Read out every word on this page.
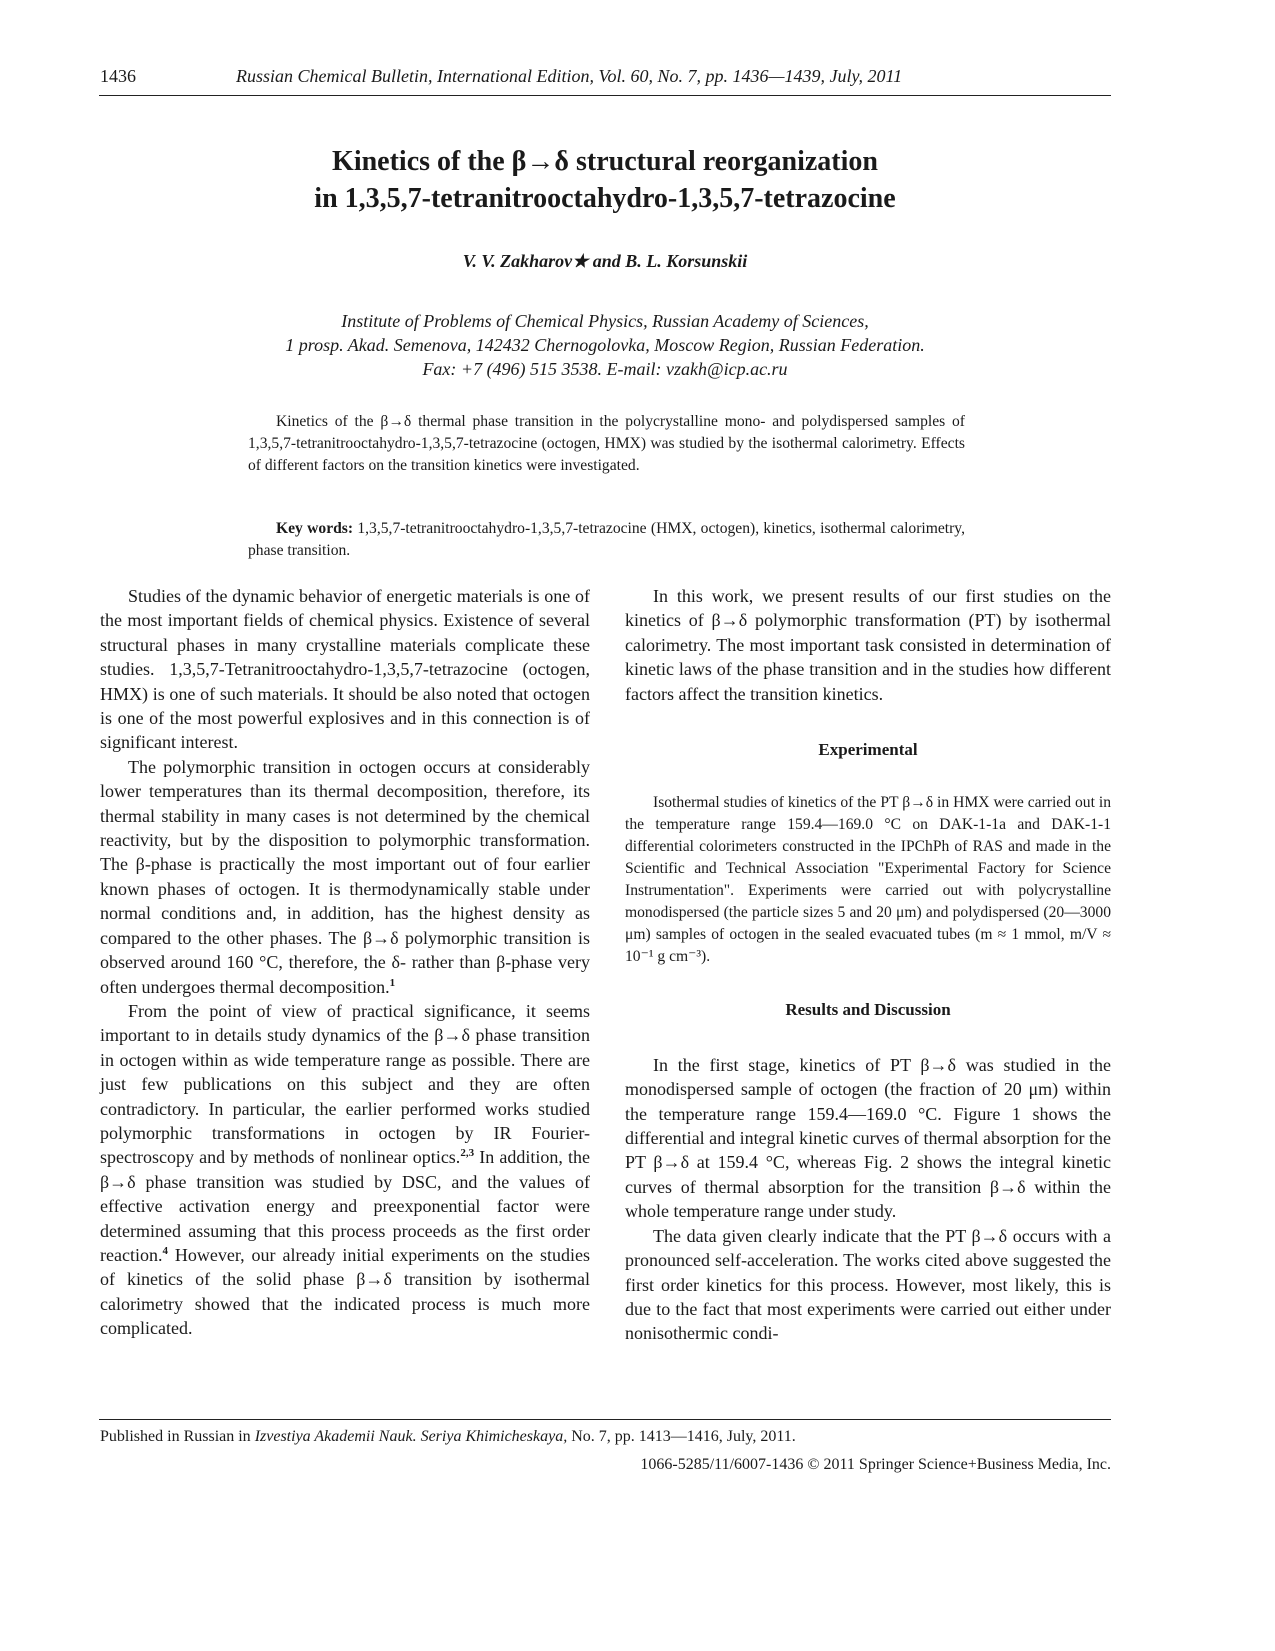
1436	Russian Chemical Bulletin, International Edition, Vol. 60, No. 7, pp. 1436—1439, July, 2011
Kinetics of the β→δ structural reorganization
in 1,3,5,7-tetranitrooctahydro-1,3,5,7-tetrazocine
V. V. Zakharov★ and B. L. Korsunskii
Institute of Problems of Chemical Physics, Russian Academy of Sciences,
1 prosp. Akad. Semenova, 142432 Chernogolovka, Moscow Region, Russian Federation.
Fax: +7 (496) 515 3538. E-mail: vzakh@icp.ac.ru

Kinetics of the β→δ thermal phase transition in the polycrystalline mono- and polydispersed samples of 1,3,5,7-tetranitrooctahydro-1,3,5,7-tetrazocine (octogen, HMX) was studied by the isothermal calorimetry. Effects of different factors on the transition kinetics were investigated.

Key words: 1,3,5,7-tetranitrooctahydro-1,3,5,7-tetrazocine (HMX, octogen), kinetics, isothermal calorimetry, phase transition.

Studies of the dynamic behavior of energetic materials is one of the most important fields of chemical physics. Existence of several structural phases in many crystalline materials complicate these studies. 1,3,5,7-Tetranitrooctahydro-1,3,5,7-tetrazocine (octogen, HMX) is one of such materials. It should be also noted that octogen is one of the most powerful explosives and in this connection is of significant interest.

The polymorphic transition in octogen occurs at considerably lower temperatures than its thermal decomposition, therefore, its thermal stability in many cases is not determined by the chemical reactivity, but by the disposition to polymorphic transformation. The β-phase is practically the most important out of four earlier known phases of octogen. It is thermodynamically stable under normal conditions and, in addition, has the highest density as compared to the other phases. The β→δ polymorphic transition is observed around 160 °C, therefore, the δ- rather than β-phase very often undergoes thermal decomposition.$^1$

From the point of view of practical significance, it seems important to in details study dynamics of the β→δ phase transition in octogen within as wide temperature range as possible. There are just few publications on this subject and they are often contradictory. In particular, the earlier performed works studied polymorphic transformations in octogen by IR Fourier-spectroscopy and by methods of nonlinear optics.$^{2,3}$ In addition, the β→δ phase transition was studied by DSC, and the values of effective activation energy and preexponential factor were determined assuming that this process proceeds as the first order reaction.$^4$ However, our already initial experiments on the studies of kinetics of the solid phase β→δ transition by isothermal calorimetry showed that the indicated process is much more complicated.

In this work, we present results of our first studies on the kinetics of β→δ polymorphic transformation (PT) by isothermal calorimetry. The most important task consisted in determination of kinetic laws of the phase transition and in the studies how different factors affect the transition kinetics.

Experimental

Isothermal studies of kinetics of the PT β→δ in HMX were carried out in the temperature range 159.4—169.0 °C on DAK-1-1a and DAK-1-1 differential colorimeters constructed in the IPChPh of RAS and made in the Scientific and Technical Association "Experimental Factory for Science Instrumentation". Experiments were carried out with polycrystalline monodispersed (the particle sizes 5 and 20 μm) and polydispersed (20—3000 μm) samples of octogen in the sealed evacuated tubes (m ≈ 1 mmol, m/V ≈ 10⁻¹ g cm⁻³).

Results and Discussion

In the first stage, kinetics of PT β→δ was studied in the monodispersed sample of octogen (the fraction of 20 μm) within the temperature range 159.4—169.0 °C. Figure 1 shows the differential and integral kinetic curves of thermal absorption for the PT β→δ at 159.4 °C, whereas Fig. 2 shows the integral kinetic curves of thermal absorption for the transition β→δ within the whole temperature range under study.

The data given clearly indicate that the PT β→δ occurs with a pronounced self-acceleration. The works cited above suggested the first order kinetics for this process. However, most likely, this is due to the fact that most experiments were carried out either under nonisothermic condi-

Published in Russian in Izvestiya Akademii Nauk. Seriya Khimicheskaya, No. 7, pp. 1413—1416, July, 2011.
1066-5285/11/6007-1436 © 2011 Springer Science+Business Media, Inc.
